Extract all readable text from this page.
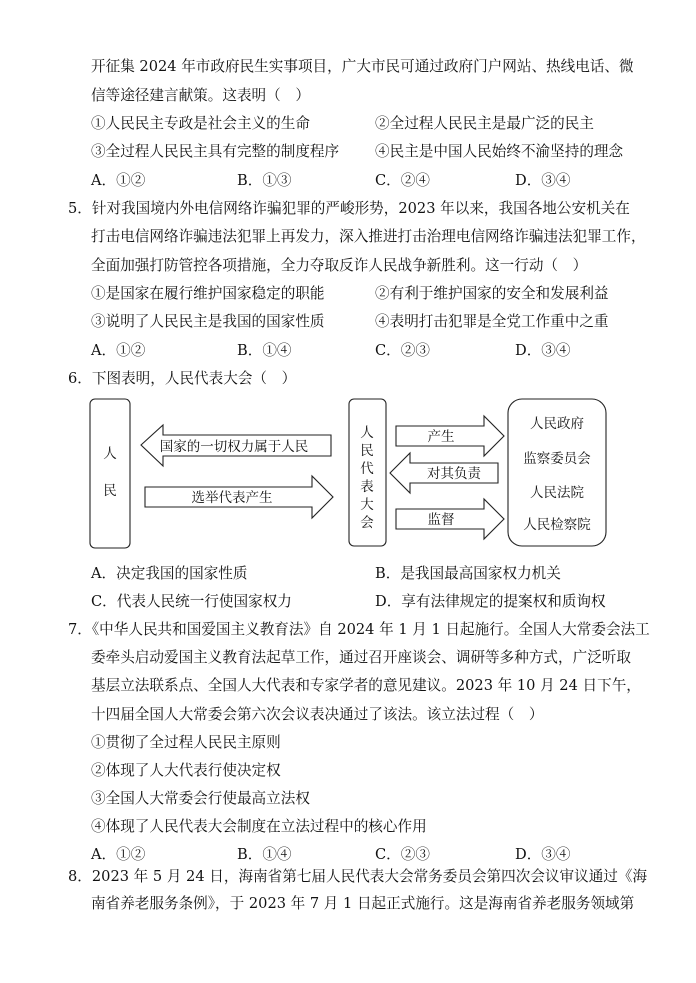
开征集 2024 年市政府民生实事项目，广大市民可通过政府门户网站、热线电话、微
信等途径建言献策。这表明（　）
①人民民主专政是社会主义的生命	②全过程人民民主是最广泛的民主
③全过程人民民主具有完整的制度程序 ④民主是中国人民始终不渝坚持的理念
A．①②	B．①③	C．②④	D．③④
5．针对我国境内外电信网络诈骗犯罪的严峻形势，2023 年以来，我国各地公安机关在
打击电信网络诈骗违法犯罪上再发力，深入推进打击治理电信网络诈骗违法犯罪工作，
全面加强打防管控各项措施，全力夺取反诈人民战争新胜利。这一行动（　）
①是国家在履行维护国家稳定的职能	②有利于维护国家的安全和发展利益
③说明了人民民主是我国的国家性质	④表明打击犯罪是全党工作重中之重
A．①②	B．①④	C．②③	D．③④
6．下图表明，人民代表大会（　）
人
民
国家的一切权力属于人民
选举代表产生
人
民
代
表
大
会
产生
对其负责
监督
人民政府
监察委员会
人民法院
人民检察院
A．决定我国的国家性质	B．是我国最高国家权力机关
C．代表人民统一行使国家权力	D．享有法律规定的提案权和质询权
7．《中华人民共和国爱国主义教育法》自 2024 年 1 月 1 日起施行。全国人大常委会法工
委牵头启动爱国主义教育法起草工作，通过召开座谈会、调研等多种方式，广泛听取
基层立法联系点、全国人大代表和专家学者的意见建议。2023 年 10 月 24 日下午，
十四届全国人大常委会第六次会议表决通过了该法。该立法过程（　）
①贯彻了全过程人民民主原则
②体现了人大代表行使决定权
③全国人大常委会行使最高立法权
④体现了人民代表大会制度在立法过程中的核心作用
A．①②	B．①④	C．②③	D．③④
8．2023 年 5 月 24 日，海南省第七届人民代表大会常务委员会第四次会议审议通过《海
南省养老服务条例》，于 2023 年 7 月 1 日起正式施行。这是海南省养老服务领域第
